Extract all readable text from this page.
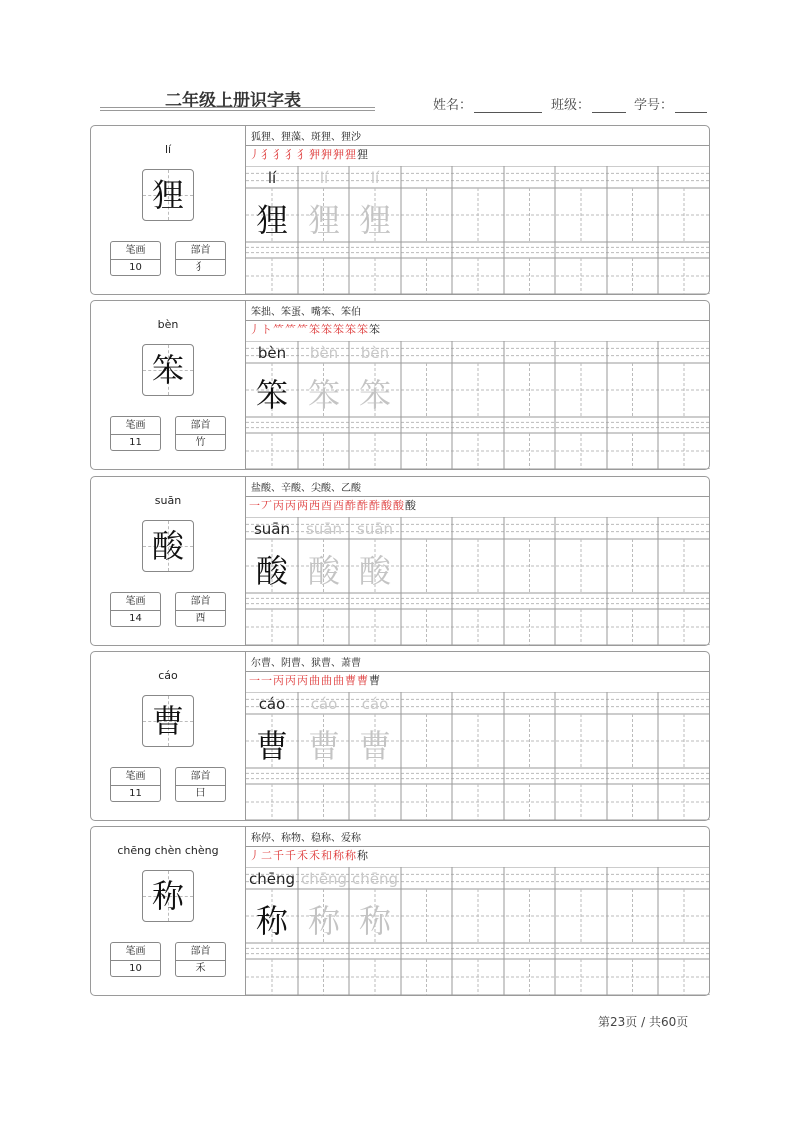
二年级上册识字表	姓名：	班级：	学号：
lí
狸
笔画
10
部首
犭
狐狸、狸藻、斑狸、狸沙
丿犭犭犭犭狎狎狎狸狸
lí	lí	lí
狸 狸 狸
bèn
笨
笔画
11
部首
竹
笨拙、笨蛋、嘴笨、笨伯
丿ト⺮⺮⺮笨笨笨笨笨笨
bèn	bèn	bèn
笨 笨 笨
suān
酸
笔画
14
部首
酉
盐酸、辛酸、尖酸、乙酸
一丆丙丙两西酉酉酢酢酢酸酸酸
suān	suān suān
酸 酸 酸
cáo
曹
笔画
11
部首
曰
尔曹、阴曹、狱曹、萧曹
一一丙丙丙曲曲曲曹曹曹
cáo	cáo	cáo
曹 曹 曹
chēng chèn chèng
称
笔画
10
部首
禾
称停、称物、稳称、爱称
丿二千千禾禾和称称称
chēng chēng chēng
称 称 称
第23页 / 共60页
